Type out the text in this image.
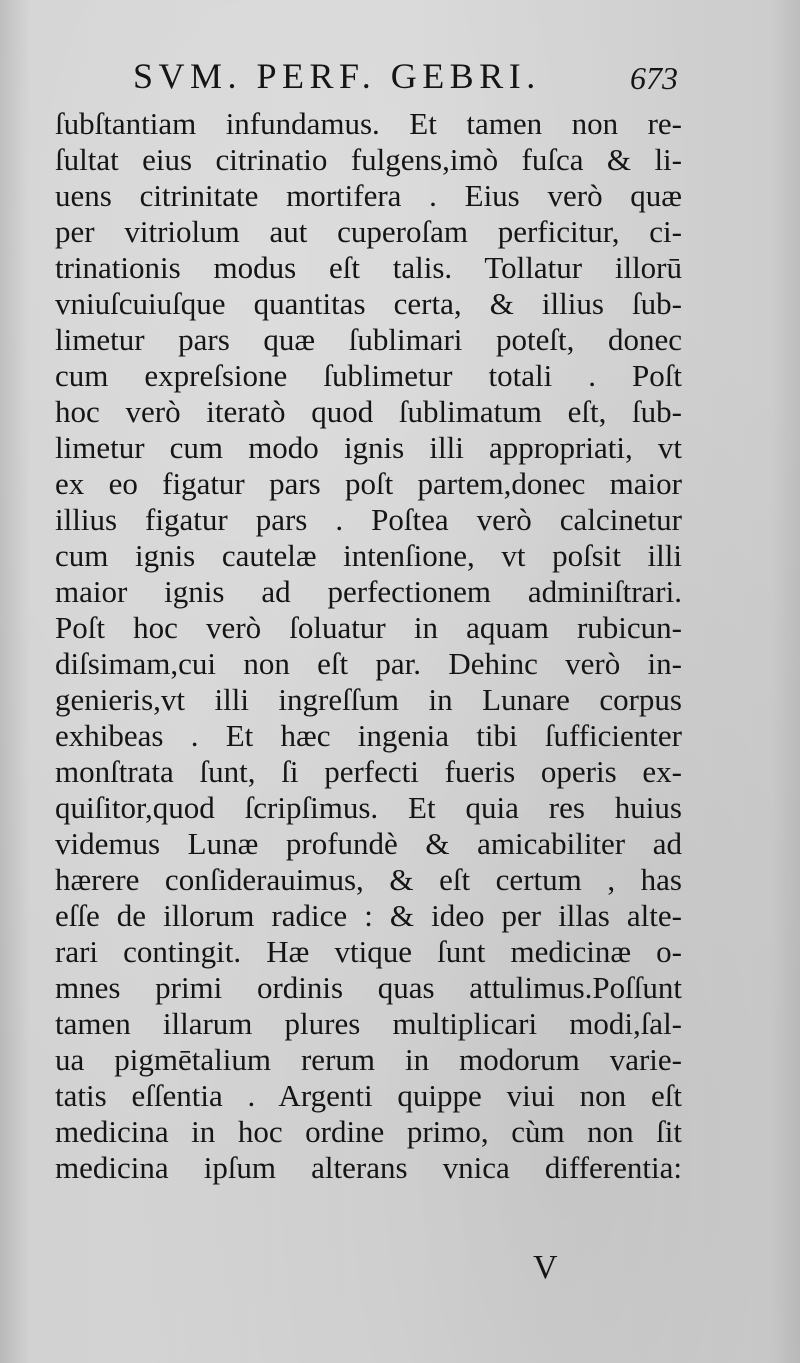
SVM. PERF. GEBRI.	673
ſubſtantiam infundamus. Et tamen non re-
ſultat eius citrinatio fulgens,imò fuſca & li-
uens citrinitate mortifera . Eius verò quæ
per vitriolum aut cuperoſam perficitur, ci-
trinationis modus eſt talis. Tollatur illorū
vniuſcuiuſque quantitas certa, & illius ſub-
limetur pars quæ ſublimari poteſt, donec
cum expreſsione ſublimetur totali . Poſt
hoc verò iteratò quod ſublimatum eſt, ſub-
limetur cum modo ignis illi appropriati, vt
ex eo figatur pars poſt partem,donec maior
illius figatur pars . Poſtea verò calcinetur
cum ignis cautelæ intenſione, vt poſsit illi
maior ignis ad perfectionem adminiſtrari.
Poſt hoc verò ſoluatur in aquam rubicun-
diſsimam,cui non eſt par. Dehinc verò in-
genieris,vt illi ingreſſum in Lunare corpus
exhibeas . Et hæc ingenia tibi ſufficienter
monſtrata ſunt, ſi perfecti fueris operis ex-
quiſitor,quod ſcripſimus. Et quia res huius
videmus Lunæ profundè & amicabiliter ad
hærere conſiderauimus, & eſt certum , has
eſſe de illorum radice : & ideo per illas alte-
rari contingit. Hæ vtique ſunt medicinæ o-
mnes primi ordinis quas attulimus.Poſſunt
tamen illarum plures multiplicari modi,ſal-
ua pigmētalium rerum in modorum varie-
tatis eſſentia . Argenti quippe viui non eſt
medicina in hoc ordine primo, cùm non ſit
medicina ipſum alterans vnica differentia:
V
